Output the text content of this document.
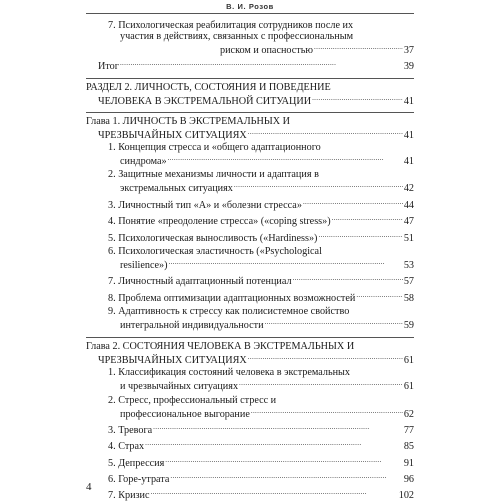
В. И. Розов
7. Психологическая реабилитация сотрудников после их
участия в действиях, связанных с профессиональным
риском и опасностью . . .	37
Итог . . .	39
РАЗДЕЛ 2. ЛИЧНОСТЬ, СОСТОЯНИЯ И ПОВЕДЕНИЕ
ЧЕЛОВЕКА В ЭКСТРЕМАЛЬНОЙ СИТУАЦИИ . . .	41
Глава 1. ЛИЧНОСТЬ В ЭКСТРЕМАЛЬНЫХ И
ЧРЕЗВЫЧАЙНЫХ СИТУАЦИЯХ . . .	41
1. Концепция стресса и «общего адаптационного
синдрома» . . .	41
2. Защитные механизмы личности и адаптация в
экстремальных ситуациях . . .	42
3. Личностный тип «А» и «болезни стресса» . . .	44
4. Понятие «преодоление стресса» («coping stress») . . .	47
5. Психологическая выносливость («Hardiness») . . .	51
6. Психологическая эластичность («Psychological
resilience») . . .	53
7. Личностный адаптационный потенциал . . .	57
8. Проблема оптимизации адаптационных возможностей . . .	58
9. Адаптивность к стрессу как полисистемное свойство
интегральной индивидуальности . . .	59
Глава 2. СОСТОЯНИЯ ЧЕЛОВЕКА В ЭКСТРЕМАЛЬНЫХ И
ЧРЕЗВЫЧАЙНЫХ СИТУАЦИЯХ . . .	61
1. Классификация состояний человека в экстремальных
и чрезвычайных ситуациях . . .	61
2. Стресс, профессиональный стресс и
профессиональное выгорание . . .	62
3. Тревога . . .	77
4. Страх . . .	85
5. Депрессия . . .	91
6. Горе-утрата . . .	96
7. Кризис . . .	102
4
